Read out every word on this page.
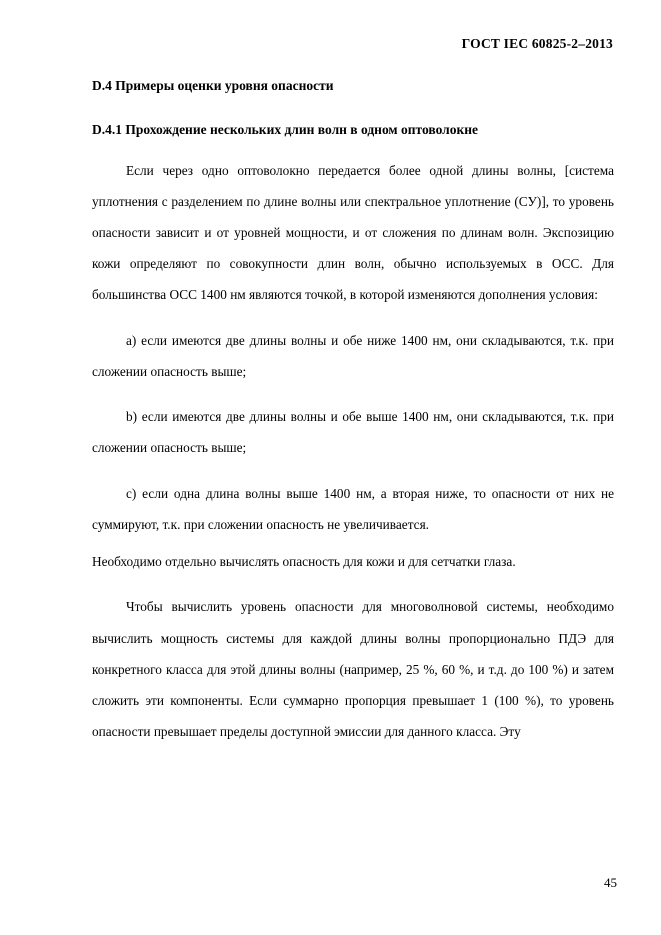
ГОСТ IEC 60825-2–2013
D.4 Примеры оценки уровня опасности
D.4.1 Прохождение нескольких длин волн в одном оптоволокне

Если через одно оптоволокно передается более одной длины волны, [система уплотнения с разделением по длине волны или спектральное уплотнение (СУ)], то уровень опасности зависит и от уровней мощности, и от сложения по длинам волн. Экспозицию кожи определяют по совокупности длин волн, обычно используемых в ОСС. Для большинства ОСС 1400 нм являются точкой, в которой изменяются дополнения условия:

а) если имеются две длины волны и обе ниже 1400 нм, они складываются, т.к. при сложении опасность выше;

b) если имеются две длины волны и обе выше 1400 нм, они складываются, т.к. при сложении опасность выше;

с) если одна длина волны выше 1400 нм, а вторая ниже, то опасности от них не суммируют, т.к. при сложении опасность не увеличивается.

Необходимо отдельно вычислять опасность для кожи и для сетчатки глаза.

Чтобы вычислить уровень опасности для многоволновой системы, необходимо вычислить мощность системы для каждой длины волны пропорционально ПДЭ для конкретного класса для этой длины волны (например, 25 %, 60 %, и т.д. до 100 %) и затем сложить эти компоненты. Если суммарно пропорция превышает 1 (100 %), то уровень опасности превышает пределы доступной эмиссии для данного класса. Эту

45
